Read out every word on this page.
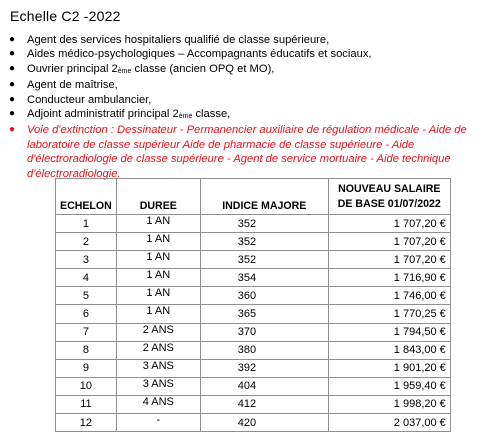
Echelle C2 -2022
● Agent des services hospitaliers qualifié de classe supérieure,
● Aides médico-psychologiques – Accompagnants éducatifs et sociaux,
● Ouvrier principal 2ème classe (ancien OPQ et MO),
● Agent de maîtrise,
● Conducteur ambulancier,
● Adjoint administratif principal 2ème classe,
● Voie d'extinction : Dessinateur - Permanencier auxiliaire de régulation médicale - Aide de laboratoire de classe supérieur Aide de pharmacie de classe supérieure - Aide d'électroradiologie de classe supérieure - Agent de service mortuaire - Aide technique d'électroradiologie.
ECHELON	DUREE	INDICE MAJORE	NOUVEAU SALAIRE DE BASE 01/07/2022
1	1 AN	352	1 707,20 €
2	1 AN	352	1 707,20 €
3	1 AN	352	1 707,20 €
4	1 AN	354	1 716,90 €
5	1 AN	360	1 746,00 €
6	1 AN	365	1 770,25 €
7	2 ANS	370	1 794,50 €
8	2 ANS	380	1 843,00 €
9	3 ANS	392	1 901,20 €
10	3 ANS	404	1 959,40 €
11	4 ANS	412	1 998,20 €
12	-	420	2 037,00 €
